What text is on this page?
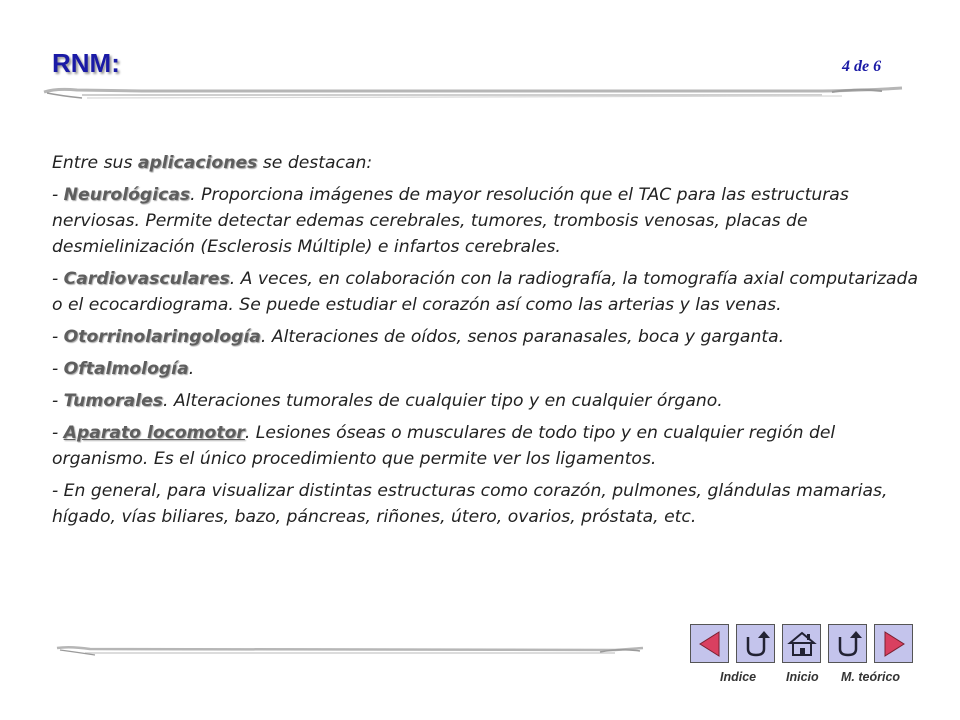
RNM:	4 de 6

Entre sus aplicaciones se destacan:

- Neurológicas. Proporciona imágenes de mayor resolución que el TAC para las estructuras nerviosas. Permite detectar edemas cerebrales, tumores, trombosis venosas, placas de desmielinización (Esclerosis Múltiple) e infartos cerebrales.

- Cardiovasculares. A veces, en colaboración con la radiografía, la tomografía axial computarizada o el ecocardiograma. Se puede estudiar el corazón así como las arterias y las venas.

- Otorrinolaringología. Alteraciones de oídos, senos paranasales, boca y garganta.

- Oftalmología.

- Tumorales. Alteraciones tumorales de cualquier tipo y en cualquier órgano.

- Aparato locomotor. Lesiones óseas o musculares de todo tipo y en cualquier región del organismo. Es el único procedimiento que permite ver los ligamentos.

- En general, para visualizar distintas estructuras como corazón, pulmones, glándulas mamarias, hígado, vías biliares, bazo, páncreas, riñones, útero, ovarios, próstata, etc.

Indice Inicio M. teórico
